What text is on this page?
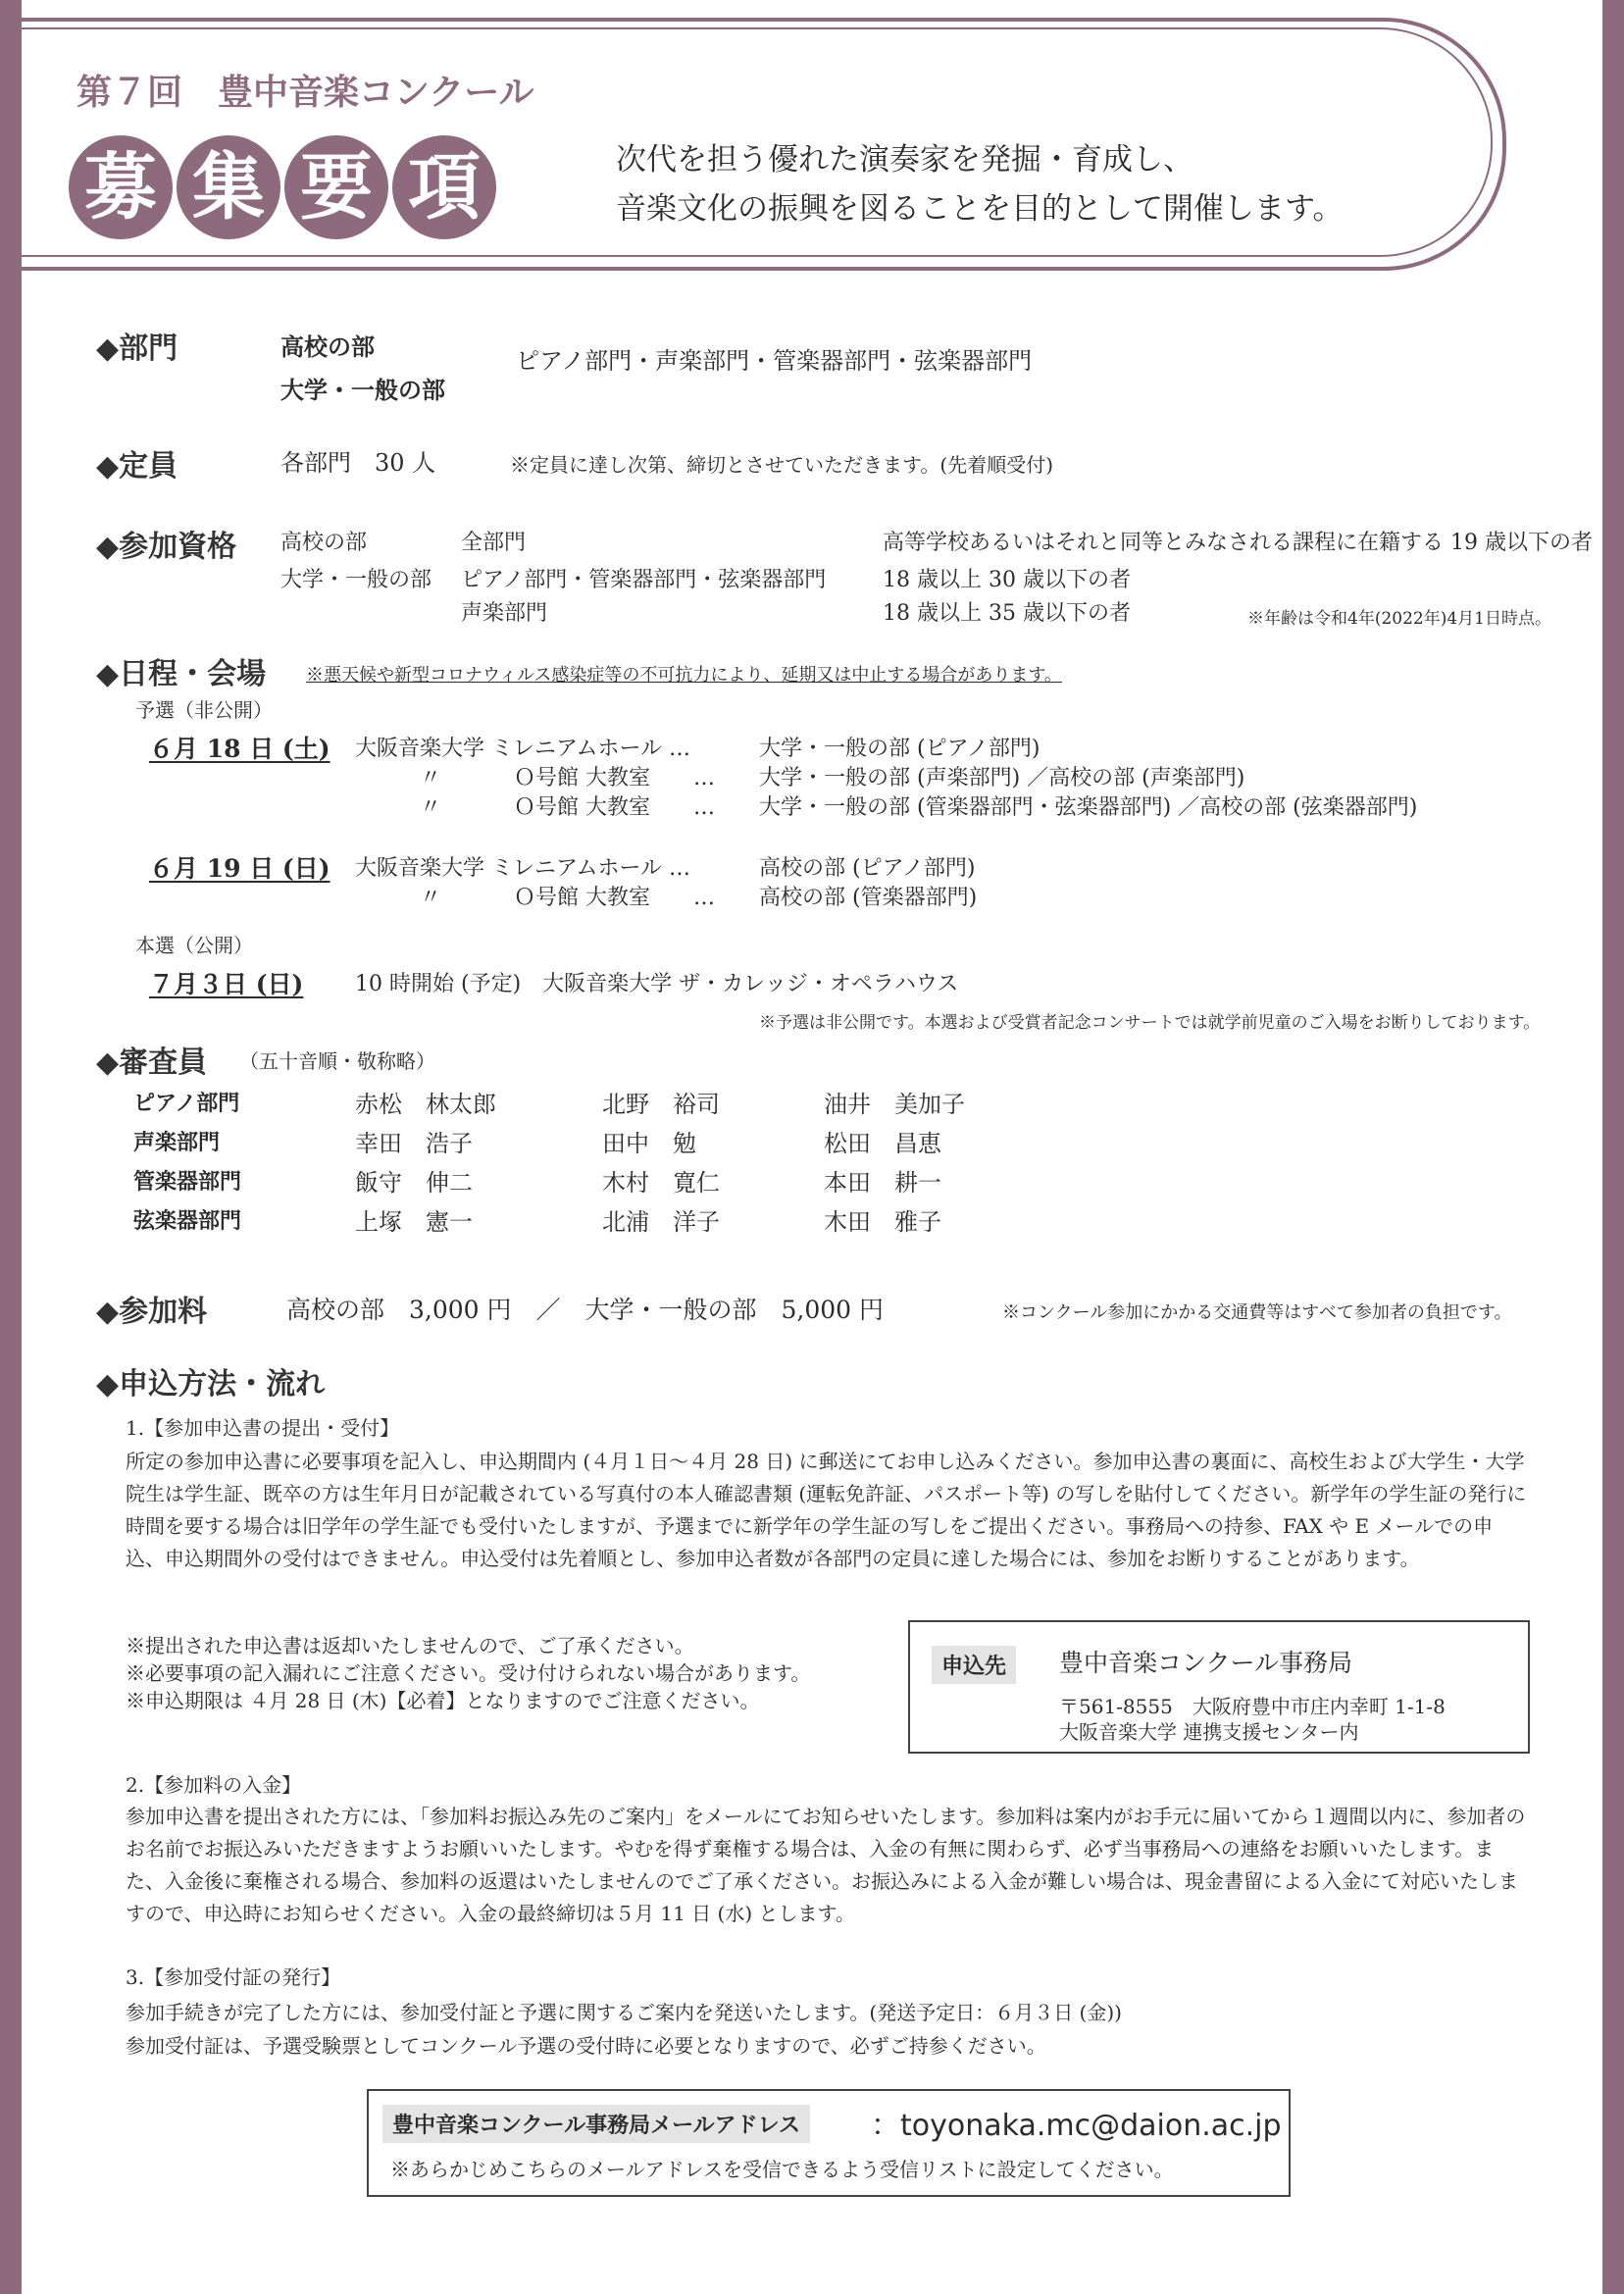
第７回　豊中音楽コンクール
募 集 要 項	次代を担う優れた演奏家を発掘・育成し、
音楽文化の振興を図ることを目的として開催します。
◆部門	高校の部
大学・一般の部
ピアノ部門・声楽部門・管楽器部門・弦楽器部門
◆定員	各部門　30 人	※定員に達し次第、締切とさせていただきます。(先着順受付)
◆参加資格 高校の部	全部門	高等学校あるいはそれと同等とみなされる課程に在籍する 19 歳以下の者
大学・一般の部 ピアノ部門・管楽器部門・弦楽器部門	18 歳以上 30 歳以下の者
声楽部門	18 歳以上 35 歳以下の者	※年齢は令和4年(2022年)4月1日時点。
◆日程・会場 ※悪天候や新型コロナウィルス感染症等の不可抗力により、延期又は中止する場合があります。
予選（非公開）
６月 18 日 (土) 大阪音楽大学 ミレニアムホール …	大学・一般の部 (ピアノ部門)
〃	Ｏ号館 大教室　　… 大学・一般の部 (声楽部門) ／高校の部 (声楽部門)
〃	Ｏ号館 大教室　　… 大学・一般の部 (管楽器部門・弦楽器部門) ／高校の部 (弦楽器部門)
６月 19 日 (日) 大阪音楽大学 ミレニアムホール …	高校の部 (ピアノ部門)
〃	Ｏ号館 大教室　　… 高校の部 (管楽器部門)
本選（公開）
７月３日 (日) 10 時開始 (予定)　大阪音楽大学 ザ・カレッジ・オペラハウス
※予選は非公開です。本選および受賞者記念コンサートでは就学前児童のご入場をお断りしております。
◆審査員 （五十音順・敬称略）
ピアノ部門	赤松　林太郎	北野　裕司	油井　美加子
声楽部門	幸田　浩子	田中　勉	松田　昌恵
管楽器部門	飯守　伸二	木村　寛仁	本田　耕一
弦楽器部門	上塚　憲一	北浦　洋子	木田　雅子
◆参加料	高校の部　3,000 円　／　大学・一般の部　5,000 円	※コンクール参加にかかる交通費等はすべて参加者の負担です。
◆申込方法・流れ
1.【参加申込書の提出・受付】
所定の参加申込書に必要事項を記入し、申込期間内 (４月１日〜４月 28 日) に郵送にてお申し込みください。参加申込書の裏面に、高校生および大学生・大学院生は学生証、既卒の方は生年月日が記載されている写真付の本人確認書類 (運転免許証、パスポート等) の写しを貼付してください。新学年の学生証の発行に時間を要する場合は旧学年の学生証でも受付いたしますが、予選までに新学年の学生証の写しをご提出ください。事務局への持参、FAX や E メールでの申込、申込期間外の受付はできません。申込受付は先着順とし、参加申込者数が各部門の定員に達した場合には、参加をお断りすることがあります。
※提出された申込書は返却いたしませんので、ご了承ください。
※必要事項の記入漏れにご注意ください。受け付けられない場合があります。
※申込期限は ４月 28 日 (木)【必着】となりますのでご注意ください。
申込先	豊中音楽コンクール事務局
〒561-8555　大阪府豊中市庄内幸町 1-1-8
大阪音楽大学 連携支援センター内
2.【参加料の入金】
参加申込書を提出された方には、「参加料お振込み先のご案内」をメールにてお知らせいたします。参加料は案内がお手元に届いてから１週間以内に、参加者のお名前でお振込みいただきますようお願いいたします。やむを得ず棄権する場合は、入金の有無に関わらず、必ず当事務局への連絡をお願いいたします。また、入金後に棄権される場合、参加料の返還はいたしませんのでご了承ください。お振込みによる入金が難しい場合は、現金書留による入金にて対応いたしますので、申込時にお知らせください。入金の最終締切は５月 11 日 (水) とします。
3.【参加受付証の発行】
参加手続きが完了した方には、参加受付証と予選に関するご案内を発送いたします。(発送予定日：６月３日 (金))
参加受付証は、予選受験票としてコンクール予選の受付時に必要となりますので、必ずご持参ください。
豊中音楽コンクール事務局メールアドレス	：toyonaka.mc@daion.ac.jp
※あらかじめこちらのメールアドレスを受信できるよう受信リストに設定してください。
